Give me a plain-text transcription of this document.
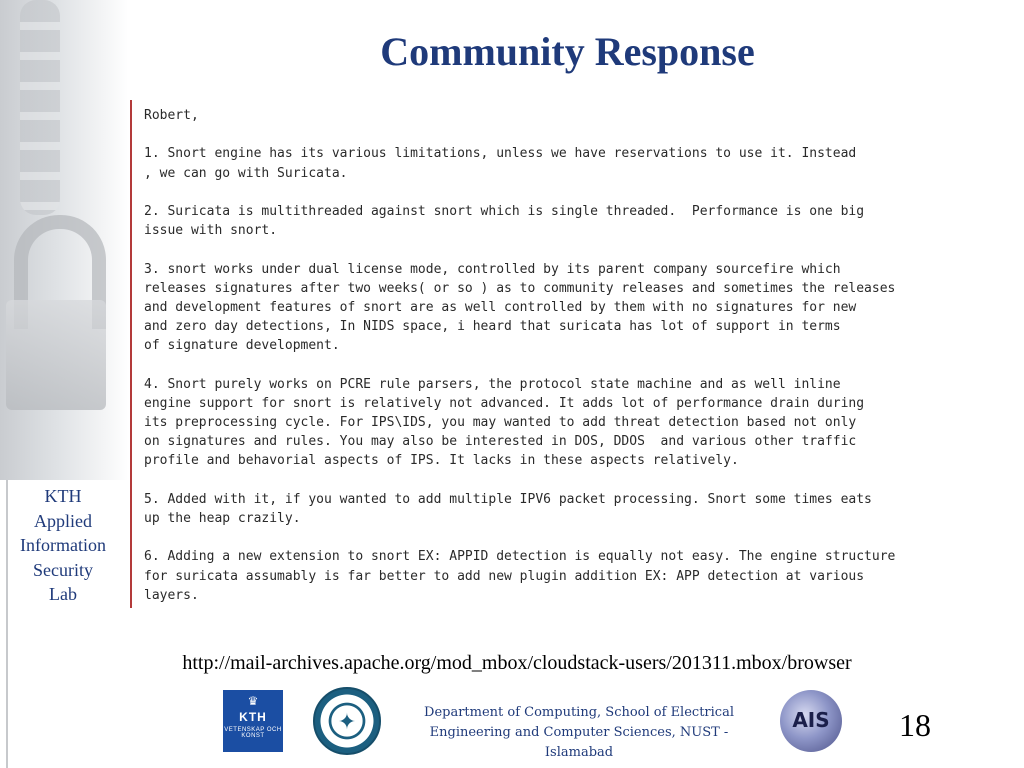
Community Response
Robert,
1. Snort engine has its various limitations, unless we have reservations to use it. Instead
, we can go with Suricata.
2. Suricata is multithreaded against snort which is single threaded.  Performance is one big
issue with snort.
3. snort works under dual license mode, controlled by its parent company sourcefire which
releases signatures after two weeks( or so ) as to community releases and sometimes the releases
and development features of snort are as well controlled by them with no signatures for new
and zero day detections, In NIDS space, i heard that suricata has lot of support in terms
of signature development.
4. Snort purely works on PCRE rule parsers, the protocol state machine and as well inline
engine support for snort is relatively not advanced. It adds lot of performance drain during
its preprocessing cycle. For IPS\IDS, you may wanted to add threat detection based not only
on signatures and rules. You may also be interested in DOS, DDOS  and various other traffic
profile and behavorial aspects of IPS. It lacks in these aspects relatively.
5. Added with it, if you wanted to add multiple IPV6 packet processing. Snort some times eats
up the heap crazily.
6. Adding a new extension to snort EX: APPID detection is equally not easy. The engine structure
for suricata assumably is far better to add new plugin addition EX: APP detection at various
layers.
KTH
Applied
Information
Security
Lab
http://mail-archives.apache.org/mod_mbox/cloudstack-users/201311.mbox/browser
♛
KTH
VETENSKAP OCH KONST
✦	Department of Computing, School of Electrical Engineering and Computer Sciences, NUST - Islamabad
AIS	18
